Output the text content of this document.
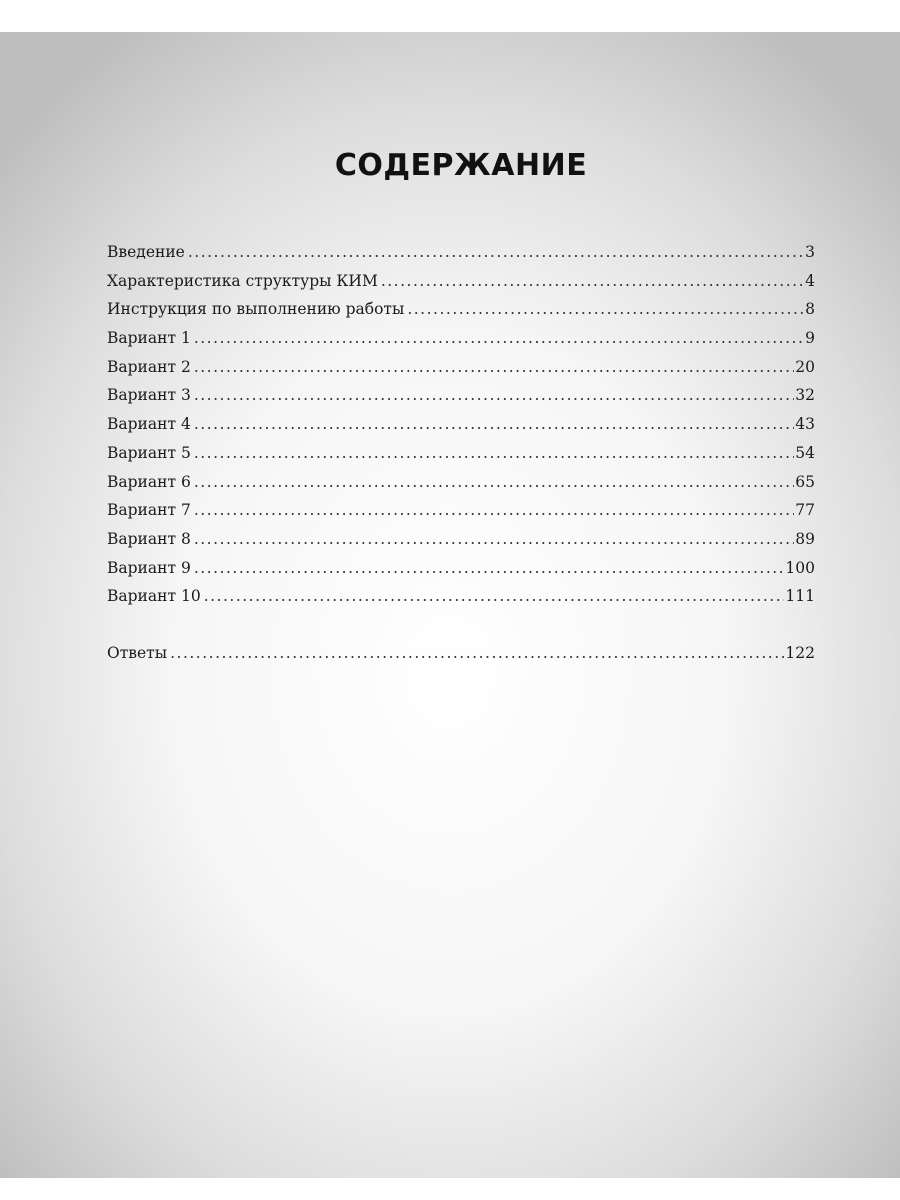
СОДЕРЖАНИЕ
Введение .....	3
Характеристика структуры КИМ .....	4
Инструкция по выполнению работы .....	8
Вариант 1 .....	9
Вариант 2 .....	20
Вариант 3 .....	32
Вариант 4 .....	43
Вариант 5 .....	54
Вариант 6 .....	65
Вариант 7 .....	77
Вариант 8 .....	89
Вариант 9 .....	100
Вариант 10 .....	111
Ответы .....	122
